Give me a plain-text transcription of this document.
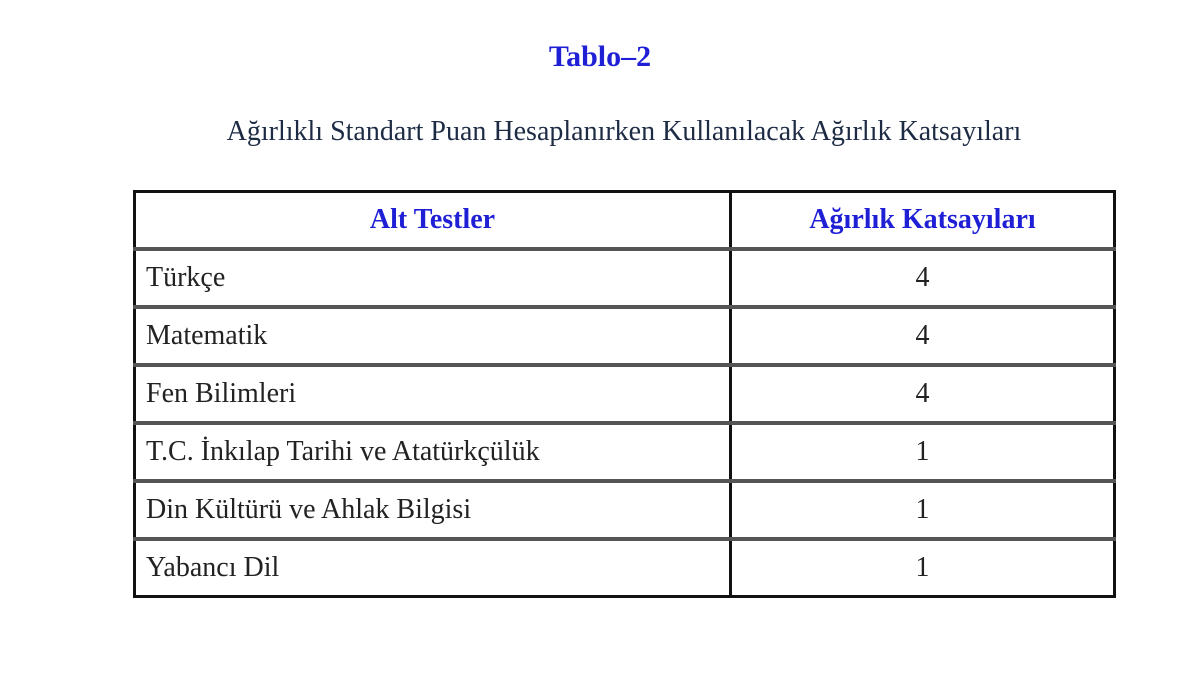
Tablo–2
Ağırlıklı Standart Puan Hesaplanırken Kullanılacak Ağırlık Katsayıları
Alt Testler	Ağırlık Katsayıları
Türkçe	4
Matematik	4
Fen Bilimleri	4
T.C. İnkılap Tarihi ve Atatürkçülük	1
Din Kültürü ve Ahlak Bilgisi	1
Yabancı Dil	1
